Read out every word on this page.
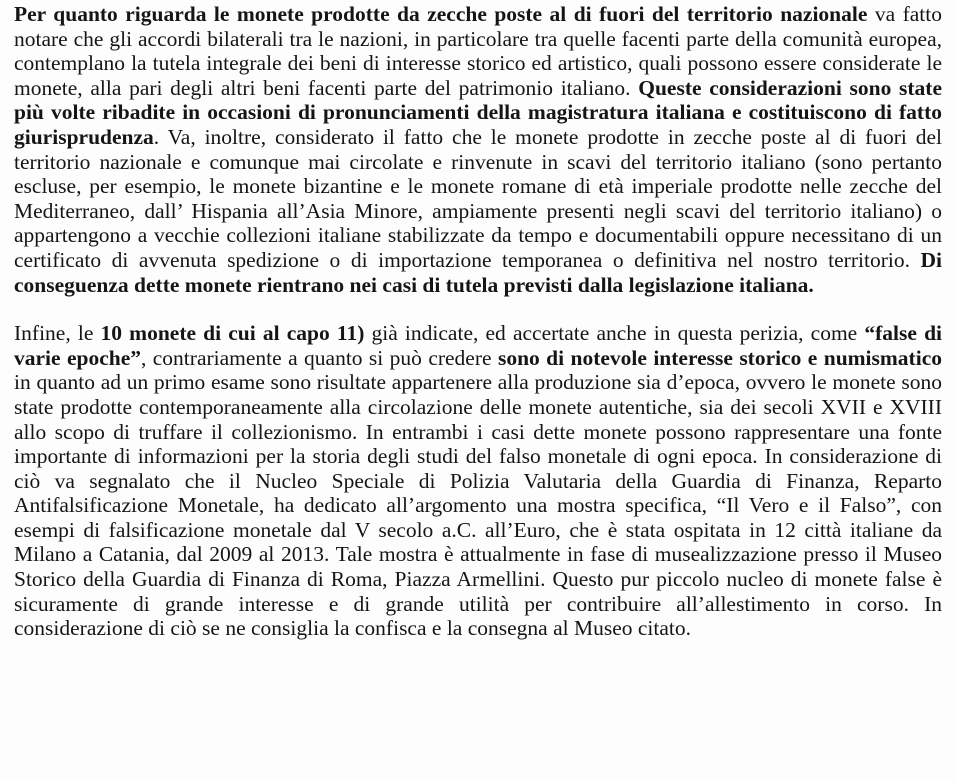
Per quanto riguarda le monete prodotte da zecche poste al di fuori del territorio nazionale va fatto notare che gli accordi bilaterali tra le nazioni, in particolare tra quelle facenti parte della comunità europea, contemplano la tutela integrale dei beni di interesse storico ed artistico, quali possono essere considerate le monete, alla pari degli altri beni facenti parte del patrimonio italiano. Queste considerazioni sono state più volte ribadite in occasioni di pronunciamenti della magistratura italiana e costituiscono di fatto giurisprudenza. Va, inoltre, considerato il fatto che le monete prodotte in zecche poste al di fuori del territorio nazionale e comunque mai circolate e rinvenute in scavi del territorio italiano (sono pertanto escluse, per esempio, le monete bizantine e le monete romane di età imperiale prodotte nelle zecche del Mediterraneo, dall’ Hispania all’Asia Minore, ampiamente presenti negli scavi del territorio italiano) o appartengono a vecchie collezioni italiane stabilizzate da tempo e documentabili oppure necessitano di un certificato di avvenuta spedizione o di importazione temporanea o definitiva nel nostro territorio. Di conseguenza dette monete rientrano nei casi di tutela previsti dalla legislazione italiana.

Infine, le 10 monete di cui al capo 11) già indicate, ed accertate anche in questa perizia, come “false di varie epoche”, contrariamente a quanto si può credere sono di notevole interesse storico e numismatico in quanto ad un primo esame sono risultate appartenere alla produzione sia d’epoca, ovvero le monete sono state prodotte contemporaneamente alla circolazione delle monete autentiche, sia dei secoli XVII e XVIII allo scopo di truffare il collezionismo. In entrambi i casi dette monete possono rappresentare una fonte importante di informazioni per la storia degli studi del falso monetale di ogni epoca. In considerazione di ciò va segnalato che il Nucleo Speciale di Polizia Valutaria della Guardia di Finanza, Reparto Antifalsificazione Monetale, ha dedicato all’argomento una mostra specifica, “Il Vero e il Falso”, con esempi di falsificazione monetale dal V secolo a.C. all’Euro, che è stata ospitata in 12 città italiane da Milano a Catania, dal 2009 al 2013. Tale mostra è attualmente in fase di musealizzazione presso il Museo Storico della Guardia di Finanza di Roma, Piazza Armellini. Questo pur piccolo nucleo di monete false è sicuramente di grande interesse e di grande utilità per contribuire all’allestimento in corso. In considerazione di ciò se ne consiglia la confisca e la consegna al Museo citato.
